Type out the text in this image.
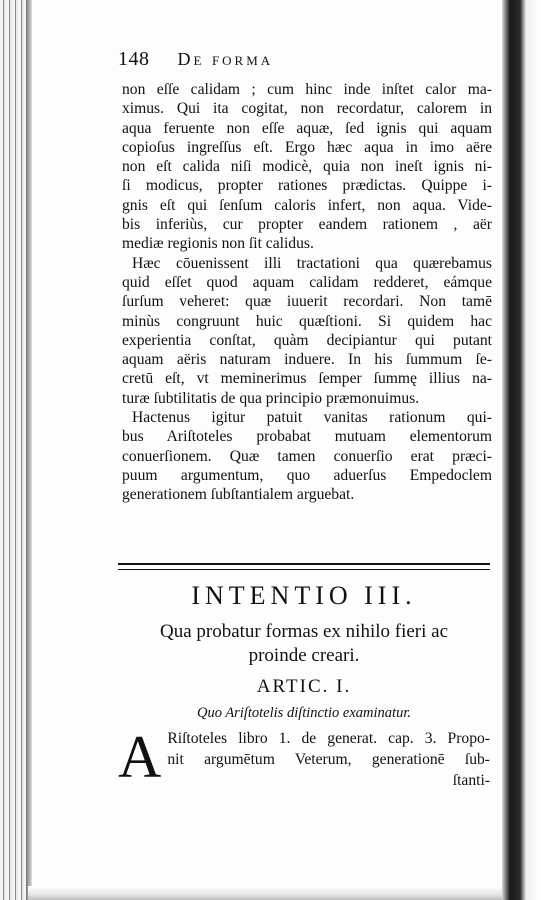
148 De forma
non eſſe calidam ; cum hinc inde inſtet calor ma-
ximus. Qui ita cogitat, non recordatur, calorem in
aqua feruente non eſſe aquæ, ſed ignis qui aquam
copioſus ingreſſus eſt. Ergo hæc aqua in imo aëre
non eſt calida niſi modicè, quia non ineſt ignis ni-
ſi modicus, propter rationes prædictas. Quippe i-
gnis eſt qui ſenſum caloris infert, non aqua. Vide-
bis inferiùs, cur propter eandem rationem , aër
mediæ regionis non ſit calidus.
Hæc cōuenissent illi tractationi qua quærebamus
quid eſſet quod aquam calidam redderet, eámque
ſurſum veheret: quæ iuuerit recordari. Non tamē
minùs congruunt huic quæſtioni. Si quidem hac
experientia conſtat, quàm decipiantur qui putant
aquam aëris naturam induere. In his ſummum ſe-
cretū eſt, vt meminerimus ſemper ſummę illius na-
turæ ſubtilitatis de qua principio præmonuimus.
Hactenus igitur patuit vanitas rationum qui-
bus Ariſtoteles probabat mutuam elementorum
conuerſionem. Quæ tamen conuerſio erat præci-
puum argumentum, quo aduerſus Empedoclem
generationem ſubſtantialem arguebat.
INTENTIO III.
Qua probatur formas ex nihilo fieri ac
proinde creari.
ARTIC. I.
Quo Ariſtotelis diſtinctio examinatur.
A Riſtoteles libro 1. de generat. cap. 3. Propo-
nit argumētum Veterum, generationē ſub-
ſtanti-
